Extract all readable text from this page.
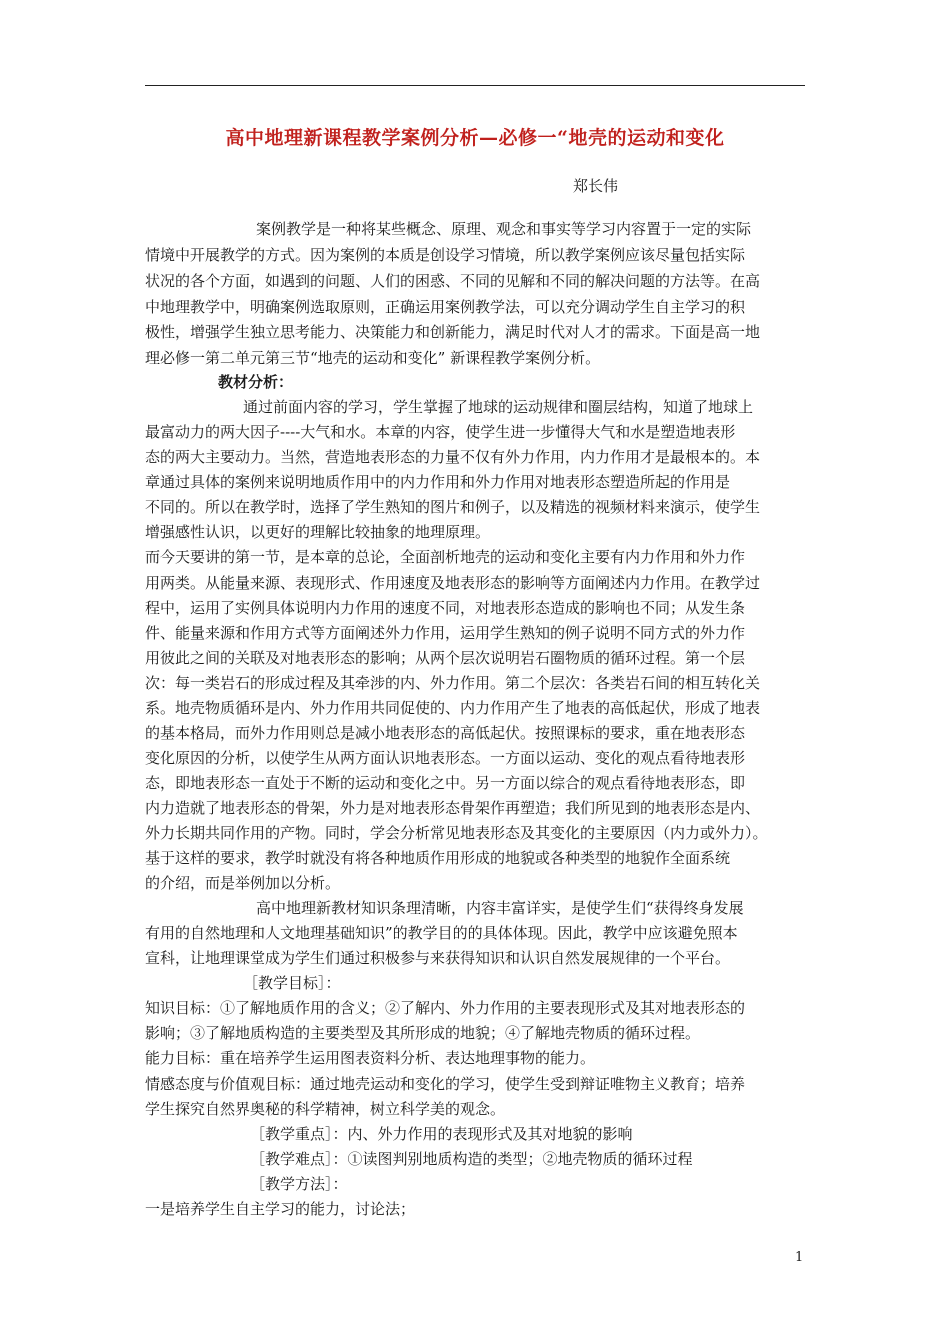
高中地理新课程教学案例分析—必修一“地壳的运动和变化
郑长伟
案例教学是一种将某些概念、原理、观念和事实等学习内容置于一定的实际
情境中开展教学的方式。因为案例的本质是创设学习情境，所以教学案例应该尽量包括实际
状况的各个方面，如遇到的问题、人们的困惑、不同的见解和不同的解决问题的方法等。在高
中地理教学中，明确案例选取原则，正确运用案例教学法，可以充分调动学生自主学习的积
极性，增强学生独立思考能力、决策能力和创新能力，满足时代对人才的需求。下面是高一地
理必修一第二单元第三节“地壳的运动和变化” 新课程教学案例分析。
教材分析：
通过前面内容的学习，学生掌握了地球的运动规律和圈层结构，知道了地球上
最富动力的两大因子----大气和水。本章的内容，使学生进一步懂得大气和水是塑造地表形
态的两大主要动力。当然，营造地表形态的力量不仅有外力作用，内力作用才是最根本的。本
章通过具体的案例来说明地质作用中的内力作用和外力作用对地表形态塑造所起的作用是
不同的。所以在教学时，选择了学生熟知的图片和例子，以及精选的视频材料来演示，使学生
增强感性认识，以更好的理解比较抽象的地理原理。
而今天要讲的第一节，是本章的总论，全面剖析地壳的运动和变化主要有内力作用和外力作
用两类。从能量来源、表现形式、作用速度及地表形态的影响等方面阐述内力作用。在教学过
程中，运用了实例具体说明内力作用的速度不同，对地表形态造成的影响也不同；从发生条
件、能量来源和作用方式等方面阐述外力作用，运用学生熟知的例子说明不同方式的外力作
用彼此之间的关联及对地表形态的影响；从两个层次说明岩石圈物质的循环过程。第一个层
次：每一类岩石的形成过程及其牵涉的内、外力作用。第二个层次：各类岩石间的相互转化关
系。地壳物质循环是内、外力作用共同促使的、内力作用产生了地表的高低起伏，形成了地表
的基本格局，而外力作用则总是减小地表形态的高低起伏。按照课标的要求，重在地表形态
变化原因的分析，以使学生从两方面认识地表形态。一方面以运动、变化的观点看待地表形
态，即地表形态一直处于不断的运动和变化之中。另一方面以综合的观点看待地表形态，即
内力造就了地表形态的骨架，外力是对地表形态骨架作再塑造；我们所见到的地表形态是内、
外力长期共同作用的产物。同时，学会分析常见地表形态及其变化的主要原因（内力或外力）。
基于这样的要求，教学时就没有将各种地质作用形成的地貌或各种类型的地貌作全面系统
的介绍，而是举例加以分析。
高中地理新教材知识条理清晰，内容丰富详实，是使学生们“获得终身发展
有用的自然地理和人文地理基础知识”的教学目的的具体体现。因此，教学中应该避免照本
宣科，让地理课堂成为学生们通过积极参与来获得知识和认识自然发展规律的一个平台。
［教学目标］：
知识目标：①了解地质作用的含义；②了解内、外力作用的主要表现形式及其对地表形态的
影响；③了解地质构造的主要类型及其所形成的地貌；④了解地壳物质的循环过程。
能力目标：重在培养学生运用图表资料分析、表达地理事物的能力。
情感态度与价值观目标：通过地壳运动和变化的学习，使学生受到辩证唯物主义教育；培养
学生探究自然界奥秘的科学精神，树立科学美的观念。
［教学重点］：内、外力作用的表现形式及其对地貌的影响
［教学难点］：①读图判别地质构造的类型；②地壳物质的循环过程
［教学方法］：
一是培养学生自主学习的能力，讨论法；
1
